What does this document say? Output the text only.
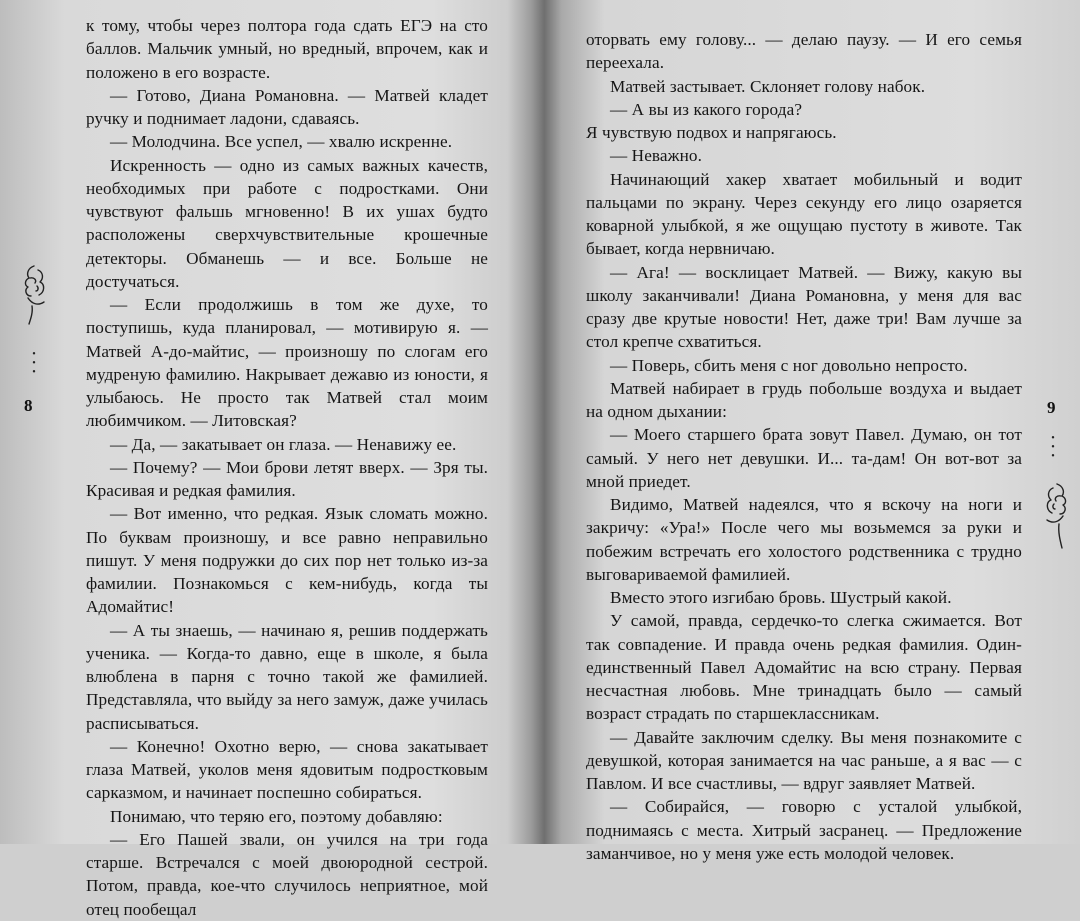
•
•
•
8

к тому, чтобы через полтора года сдать ЕГЭ на сто баллов. Мальчик умный, но вредный, впрочем, как и положено в его возрасте.

— Готово, Диана Романовна. — Матвей кладет ручку и поднимает ладони, сдаваясь.

— Молодчина. Все успел, — хвалю искренне.

Искренность — одно из самых важных качеств, необходимых при работе с подростками. Они чувствуют фальшь мгновенно! В их ушах будто расположены сверхчувствительные крошечные детекторы. Обманешь — и все. Больше не достучаться.

— Если продолжишь в том же духе, то поступишь, куда планировал, — мотивирую я. — Матвей А-до-майтис, — произношу по слогам его мудреную фамилию. Накрывает дежавю из юности, я улыбаюсь. Не просто так Матвей стал моим любимчиком. — Литовская?

— Да, — закатывает он глаза. — Ненавижу ее.

— Почему? — Мои брови летят вверх. — Зря ты. Красивая и редкая фамилия.

— Вот именно, что редкая. Язык сломать можно. По буквам произношу, и все равно неправильно пишут. У меня подружки до сих пор нет только из-за фамилии. Познакомься с кем-нибудь, когда ты Адомайтис!

— А ты знаешь, — начинаю я, решив поддержать ученика. — Когда-то давно, еще в школе, я была влюблена в парня с точно такой же фамилией. Представляла, что выйду за него замуж, даже училась расписываться.

— Конечно! Охотно верю, — снова закатывает глаза Матвей, уколов меня ядовитым подростковым сарказмом, и начинает поспешно собираться.

Понимаю, что теряю его, поэтому добавляю:

— Его Пашей звали, он учился на три года старше. Встречался с моей двоюродной сестрой. Потом, правда, кое-что случилось неприятное, мой отец пообещал

9
•
•
•

оторвать ему голову... — делаю паузу. — И его семья переехала.

Матвей застывает. Склоняет голову набок.

— А вы из какого города?

Я чувствую подвох и напрягаюсь.

— Неважно.

Начинающий хакер хватает мобильный и водит пальцами по экрану. Через секунду его лицо озаряется коварной улыбкой, я же ощущаю пустоту в животе. Так бывает, когда нервничаю.

— Ага! — восклицает Матвей. — Вижу, какую вы школу заканчивали! Диана Романовна, у меня для вас сразу две крутые новости! Нет, даже три! Вам лучше за стол крепче схватиться.

— Поверь, сбить меня с ног довольно непросто.

Матвей набирает в грудь побольше воздуха и выдает на одном дыхании:

— Моего старшего брата зовут Павел. Думаю, он тот самый. У него нет девушки. И... та-дам! Он вот-вот за мной приедет.

Видимо, Матвей надеялся, что я вскочу на ноги и закричу: «Ура!» После чего мы возьмемся за руки и побежим встречать его холостого родственника с трудно выговариваемой фамилией.

Вместо этого изгибаю бровь. Шустрый какой.

У самой, правда, сердечко-то слегка сжимается. Вот так совпадение. И правда очень редкая фамилия. Один-единственный Павел Адомайтис на всю страну. Первая несчастная любовь. Мне тринадцать было — самый возраст страдать по старшеклассникам.

— Давайте заключим сделку. Вы меня познакомите с девушкой, которая занимается на час раньше, а я вас — с Павлом. И все счастливы, — вдруг заявляет Матвей.

— Собирайся, — говорю с усталой улыбкой, поднимаясь с места. Хитрый засранец. — Предложение заманчивое, но у меня уже есть молодой человек.
